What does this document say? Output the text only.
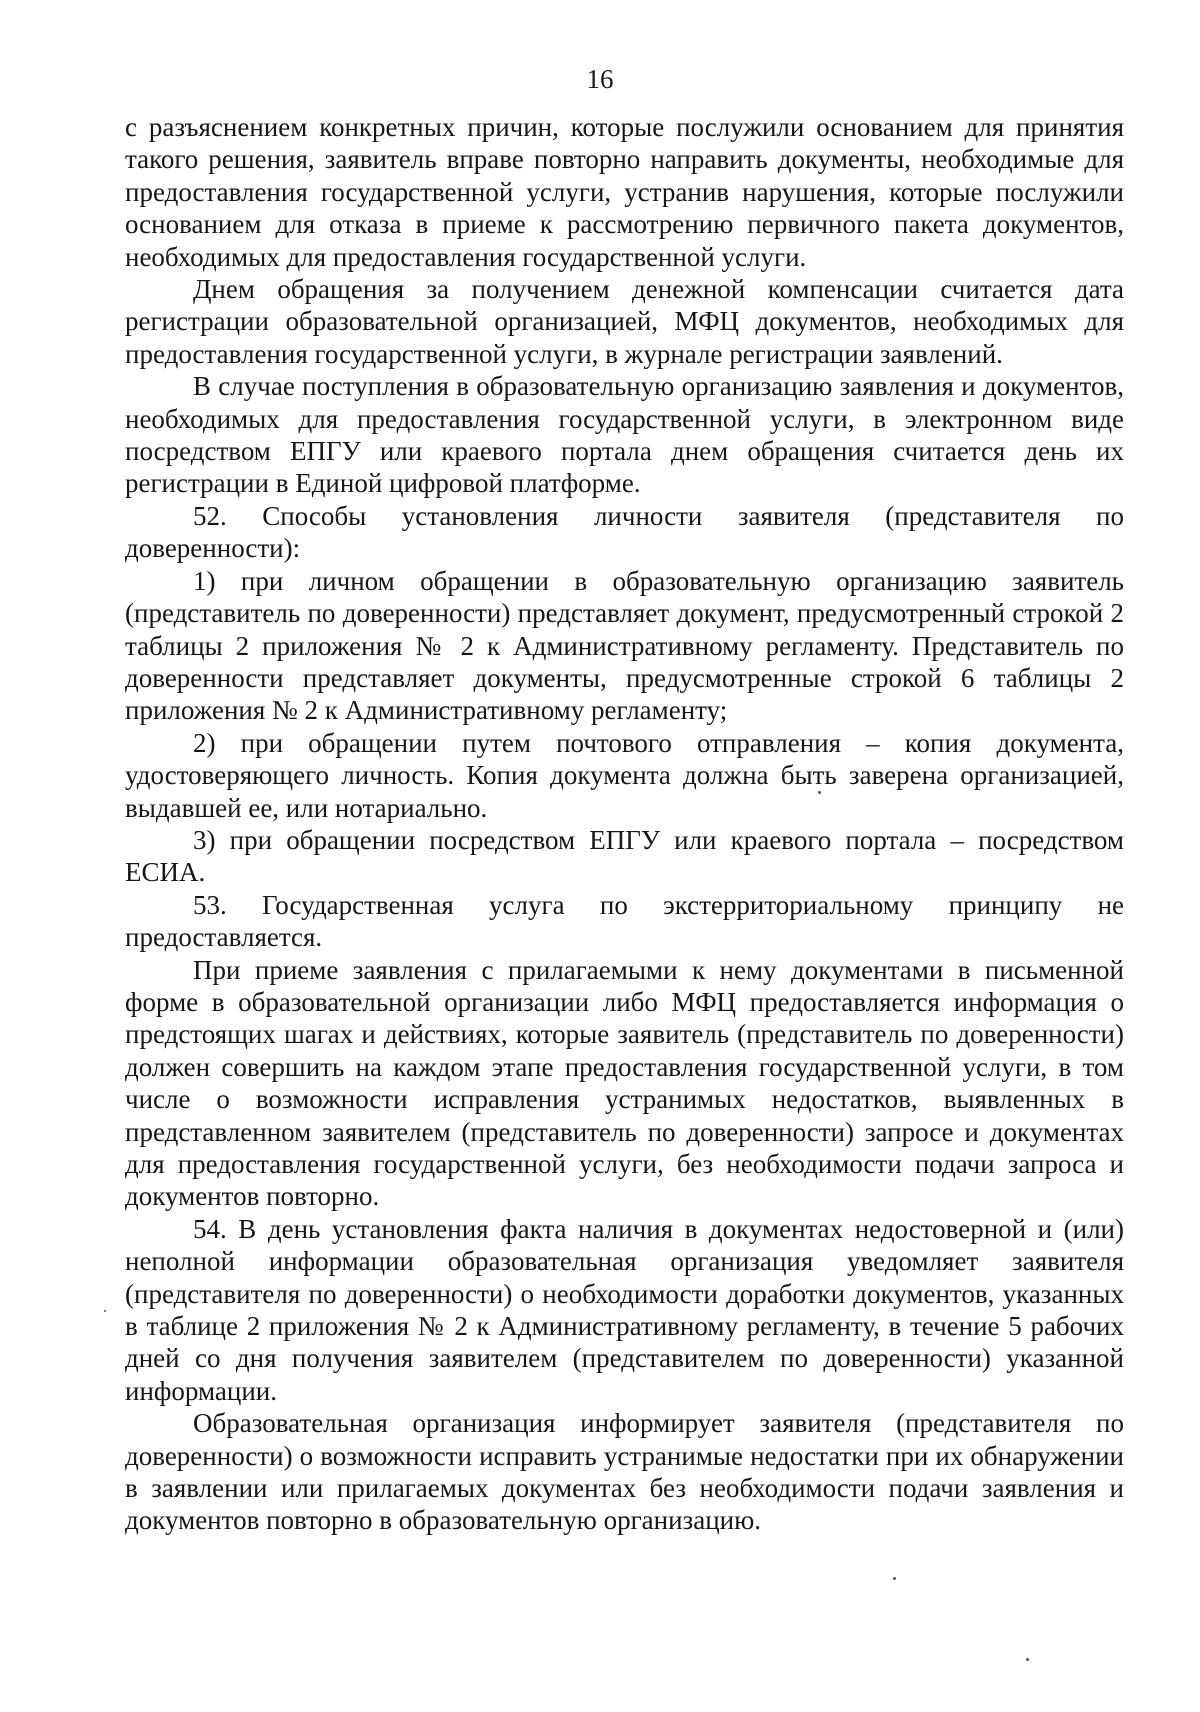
16

с разъяснением конкретных причин, которые послужили основанием для принятия такого решения, заявитель вправе повторно направить документы, необходимые для предоставления государственной услуги, устранив нарушения, которые послужили основанием для отказа в приеме к рассмотрению первичного пакета документов, необходимых для предоставления государственной услуги.

Днем обращения за получением денежной компенсации считается дата регистрации образовательной организацией, МФЦ документов, необходимых для предоставления государственной услуги, в журнале регистрации заявлений.

В случае поступления в образовательную организацию заявления и документов, необходимых для предоставления государственной услуги, в электронном виде посредством ЕПГУ или краевого портала днем обращения считается день их регистрации в Единой цифровой платформе.

52. Способы установления личности заявителя (представителя по доверенности):

1) при личном обращении в образовательную организацию заявитель (представитель по доверенности) представляет документ, предусмотренный строкой 2 таблицы 2 приложения № 2 к Административному регламенту. Представитель по доверенности представляет документы, предусмотренные строкой 6 таблицы 2 приложения № 2 к Административному регламенту;

2) при обращении путем почтового отправления – копия документа, удостоверяющего личность. Копия документа должна быть заверена организацией, выдавшей ее, или нотариально.

3) при обращении посредством ЕПГУ или краевого портала – посредством ЕСИА.

53. Государственная услуга по экстерриториальному принципу не предоставляется.

При приеме заявления с прилагаемыми к нему документами в письменной форме в образовательной организации либо МФЦ предоставляется информация о предстоящих шагах и действиях, которые заявитель (представитель по доверенности) должен совершить на каждом этапе предоставления государственной услуги, в том числе о возможности исправления устранимых недостатков, выявленных в представленном заявителем (представитель по доверенности) запросе и документах для предоставления государственной услуги, без необходимости подачи запроса и документов повторно.

54. В день установления факта наличия в документах недостоверной и (или) неполной информации образовательная организация уведомляет заявителя (представителя по доверенности) о необходимости доработки документов, указанных в таблице 2 приложения № 2 к Административному регламенту, в течение 5 рабочих дней со дня получения заявителем (представителем по доверенности) указанной информации.

Образовательная организация информирует заявителя (представителя по доверенности) о возможности исправить устранимые недостатки при их обнаружении в заявлении или прилагаемых документах без необходимости подачи заявления и документов повторно в образовательную организацию.
